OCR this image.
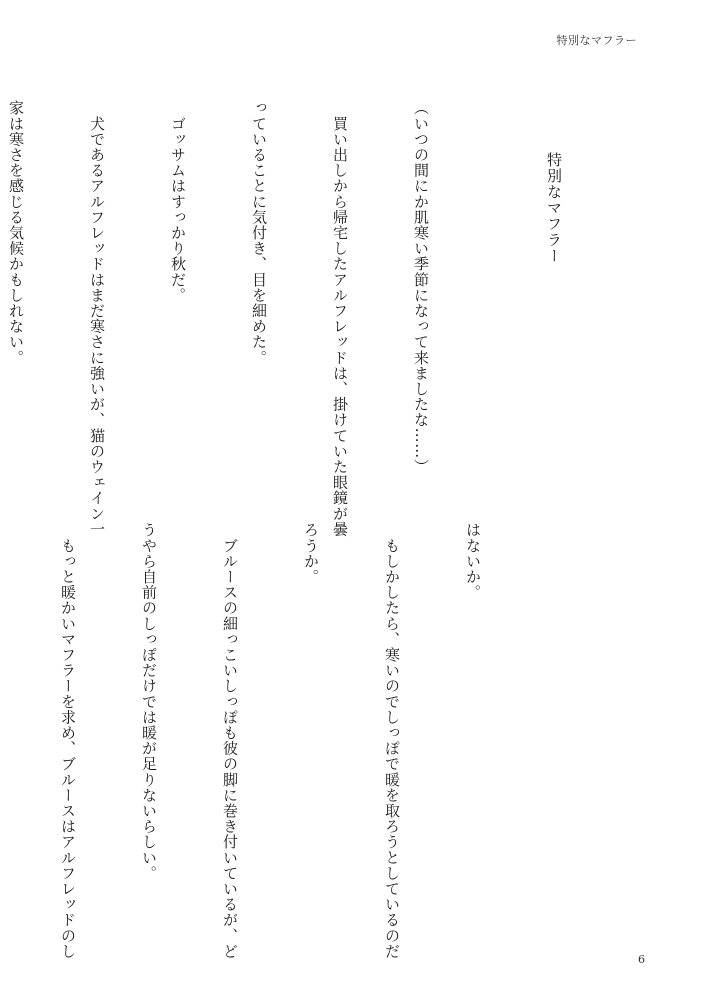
特別なマフラー

特別なマフラー

（いつの間にか肌寒い季節になって来ましたな……）

　買い出しから帰宅したアルフレッドは、掛けていた眼鏡が曇

っていることに気付き、目を細めた。

　ゴッサムはすっかり秋だ。

　犬であるアルフレッドはまだ寒さに強いが、猫のウェイン一

家は寒さを感じる気候かもしれない。

はないか。

　もしかしたら、寒いのでしっぽで暖を取ろうとしているのだ

ろうか。

　ブルースの細っこいしっぽも彼の脚に巻き付いているが、ど

うやら自前のしっぽだけでは暖が足りないらしい。

　もっと暖かいマフラーを求め、ブルースはアルフレッドのし

6
